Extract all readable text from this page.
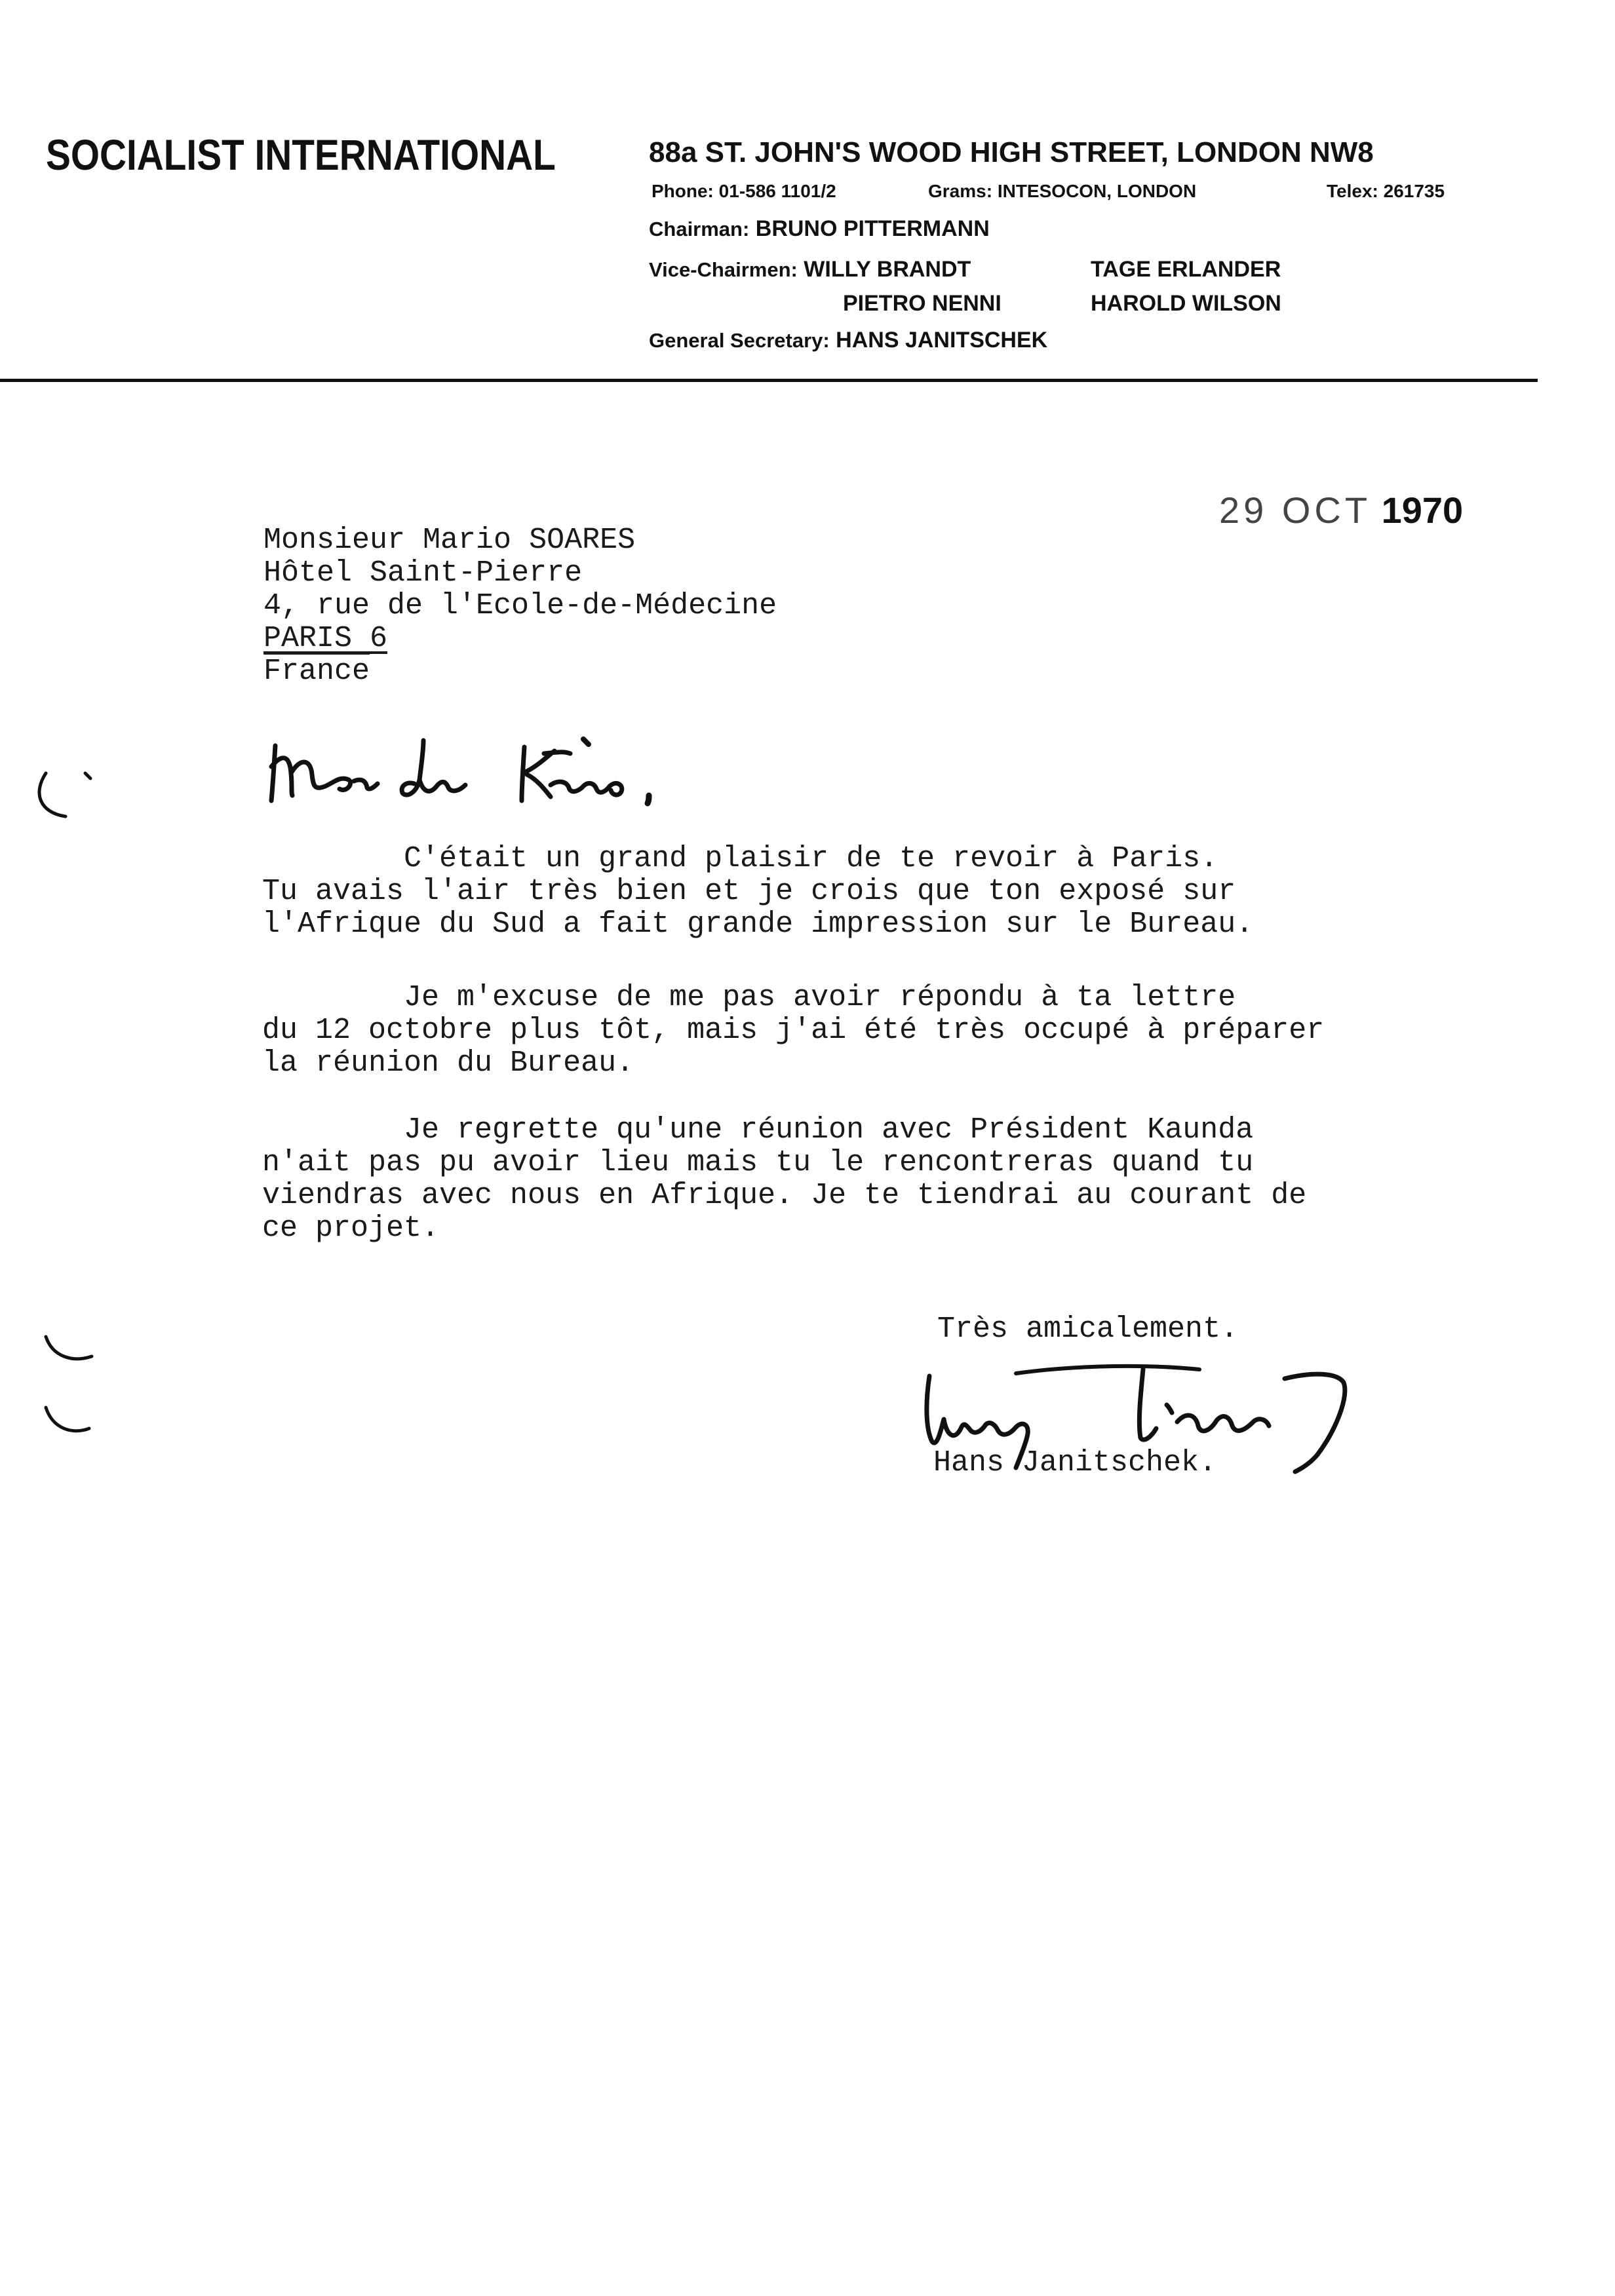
SOCIALIST INTERNATIONAL	88a ST. JOHN'S WOOD HIGH STREET, LONDON NW8
Phone: 01-586 1101/2	Grams: INTESOCON, LONDON	Telex: 261735
Chairman: BRUNO PITTERMANN
Vice-Chairmen: WILLY BRANDT	TAGE ERLANDER
PIETRO NENNI	HAROLD WILSON
General Secretary: HANS JANITSCHEK
29 OCT 1970
Monsieur Mario SOARES
Hôtel Saint-Pierre
4, rue de l'Ecole-de-Médecine
PARIS 6
France
C'était un grand plaisir de te revoir à Paris.
Tu avais l'air très bien et je crois que ton exposé sur
l'Afrique du Sud a fait grande impression sur le Bureau.
Je m'excuse de me pas avoir répondu à ta lettre
du 12 octobre plus tôt, mais j'ai été très occupé à préparer
la réunion du Bureau.
Je regrette qu'une réunion avec Président Kaunda
n'ait pas pu avoir lieu mais tu le rencontreras quand tu
viendras avec nous en Afrique. Je te tiendrai au courant de
ce projet.
Très amicalement.
Hans Janitschek.
